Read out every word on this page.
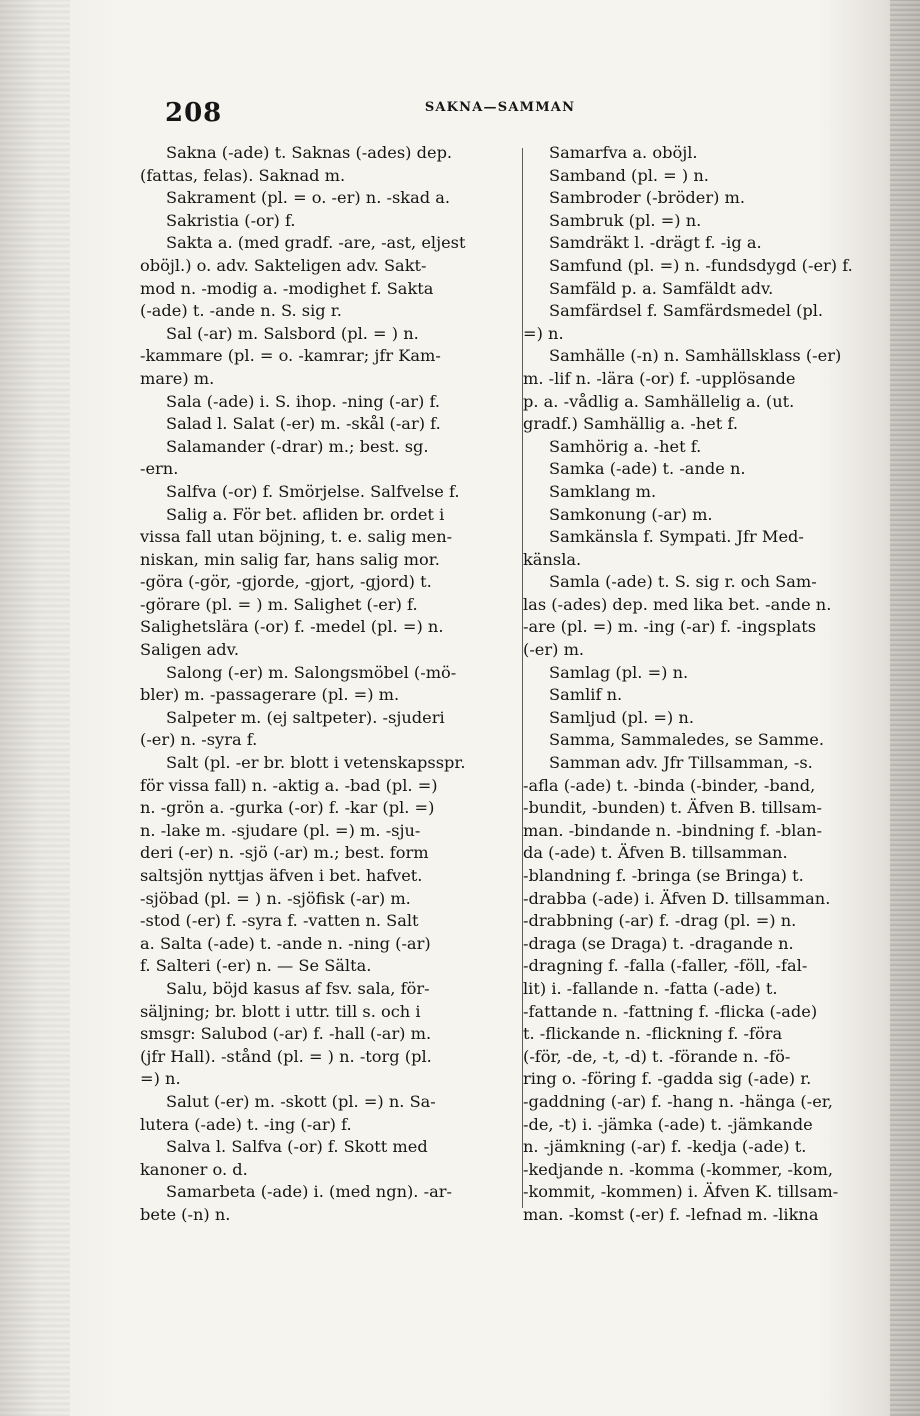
208	SAKNA—SAMMAN
Sakna (-ade) t. Saknas (-ades) dep.
(fattas, felas). Saknad m.
Sakrament (pl. = o. -er) n. -skad a.
Sakristia (-or) f.
Sakta a. (med gradf. -are, -ast, eljest
oböjl.) o. adv. Sakteligen adv. Sakt-
mod n. -modig a. -modighet f. Sakta
(-ade) t. -ande n. S. sig r.
Sal (-ar) m. Salsbord (pl. = ) n.
-kammare (pl. = o. -kamrar; jfr Kam-
mare) m.
Sala (-ade) i. S. ihop. -ning (-ar) f.
Salad l. Salat (-er) m. -skål (-ar) f.
Salamander (-drar) m.; best. sg.
-ern.
Salfva (-or) f. Smörjelse. Salfvelse f.
Salig a. För bet. afliden br. ordet i
vissa fall utan böjning, t. e. salig men-
niskan, min salig far, hans salig mor.
-göra (-gör, -gjorde, -gjort, -gjord) t.
-görare (pl. = ) m. Salighet (-er) f.
Salighetslära (-or) f. -medel (pl. =) n.
Saligen adv.
Salong (-er) m. Salongsmöbel (-mö-
bler) m. -passagerare (pl. =) m.
Salpeter m. (ej saltpeter). -sjuderi
(-er) n. -syra f.
Salt (pl. -er br. blott i vetenskapsspr.
för vissa fall) n. -aktig a. -bad (pl. =)
n. -grön a. -gurka (-or) f. -kar (pl. =)
n. -lake m. -sjudare (pl. =) m. -sju-
deri (-er) n. -sjö (-ar) m.; best. form
saltsjön nyttjas äfven i bet. hafvet.
-sjöbad (pl. = ) n. -sjöfisk (-ar) m.
-stod (-er) f. -syra f. -vatten n. Salt
a. Salta (-ade) t. -ande n. -ning (-ar)
f. Salteri (-er) n. — Se Sälta.
Salu, böjd kasus af fsv. sala, för-
säljning; br. blott i uttr. till s. och i
smsgr: Salubod (-ar) f. -hall (-ar) m.
(jfr Hall). -stånd (pl. = ) n. -torg (pl.
=) n.
Salut (-er) m. -skott (pl. =) n. Sa-
lutera (-ade) t. -ing (-ar) f.
Salva l. Salfva (-or) f. Skott med
kanoner o. d.
Samarbeta (-ade) i. (med ngn). -ar-
bete (-n) n.
Samarfva a. oböjl.
Samband (pl. = ) n.
Sambroder (-bröder) m.
Sambruk (pl. =) n.
Samdräkt l. -drägt f. -ig a.
Samfund (pl. =) n. -fundsdygd (-er) f.
Samfäld p. a. Samfäldt adv.
Samfärdsel f. Samfärdsmedel (pl.
=) n.
Samhälle (-n) n. Samhällsklass (-er)
m. -lif n. -lära (-or) f. -upplösande
p. a. -vådlig a. Samhällelig a. (ut.
gradf.) Samhällig a. -het f.
Samhörig a. -het f.
Samka (-ade) t. -ande n.
Samklang m.
Samkonung (-ar) m.
Samkänsla f. Sympati. Jfr Med-
känsla.
Samla (-ade) t. S. sig r. och Sam-
las (-ades) dep. med lika bet. -ande n.
-are (pl. =) m. -ing (-ar) f. -ingsplats
(-er) m.
Samlag (pl. =) n.
Samlif n.
Samljud (pl. =) n.
Samma, Sammaledes, se Samme.
Samman adv. Jfr Tillsamman, -s.
-afla (-ade) t. -binda (-binder, -band,
-bundit, -bunden) t. Äfven B. tillsam-
man. -bindande n. -bindning f. -blan-
da (-ade) t. Äfven B. tillsamman.
-blandning f. -bringa (se Bringa) t.
-drabba (-ade) i. Äfven D. tillsamman.
-drabbning (-ar) f. -drag (pl. =) n.
-draga (se Draga) t. -dragande n.
-dragning f. -falla (-faller, -föll, -fal-
lit) i. -fallande n. -fatta (-ade) t.
-fattande n. -fattning f. -flicka (-ade)
t. -flickande n. -flickning f. -föra
(-för, -de, -t, -d) t. -förande n. -fö-
ring o. -föring f. -gadda sig (-ade) r.
-gaddning (-ar) f. -hang n. -hänga (-er,
-de, -t) i. -jämka (-ade) t. -jämkande
n. -jämkning (-ar) f. -kedja (-ade) t.
-kedjande n. -komma (-kommer, -kom,
-kommit, -kommen) i. Äfven K. tillsam-
man. -komst (-er) f. -lefnad m. -likna
